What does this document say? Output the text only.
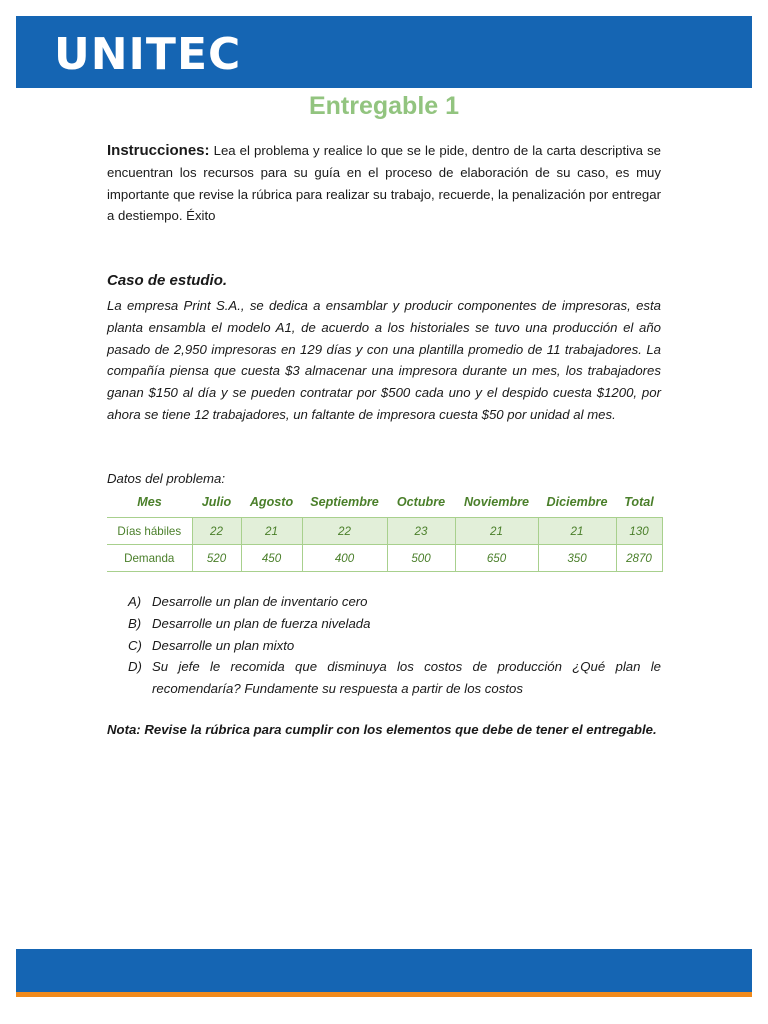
UNITEC
Entregable 1

Instrucciones: Lea el problema y realice lo que se le pide, dentro de la carta descriptiva se encuentran los recursos para su guía en el proceso de elaboración de su caso, es muy importante que revise la rúbrica para realizar su trabajo, recuerde, la penalización por entregar a destiempo. Éxito

Caso de estudio.

La empresa Print S.A., se dedica a ensamblar y producir componentes de impresoras, esta planta ensambla el modelo A1, de acuerdo a los historiales se tuvo una producción el año pasado de 2,950 impresoras en 129 días y con una plantilla promedio de 11 trabajadores. La compañía piensa que cuesta $3 almacenar una impresora durante un mes, los trabajadores ganan $150 al día y se pueden contratar por $500 cada uno y el despido cuesta $1200, por ahora se tiene 12 trabajadores, un faltante de impresora cuesta $50 por unidad al mes.

Datos del problema:
Mes	Julio	Agosto	Septiembre	Octubre	Noviembre	Diciembre	Total
Días hábiles	22	21	22	23	21	21	130
Demanda	520	450	400	500	650	350	2870
A) Desarrolle un plan de inventario cero
B) Desarrolle un plan de fuerza nivelada
C) Desarrolle un plan mixto
D) Su jefe le recomida que disminuya los costos de producción ¿Qué plan le recomendaría? Fundamente su respuesta a partir de los costos
Nota: Revise la rúbrica para cumplir con los elementos que debe de tener el entregable.
